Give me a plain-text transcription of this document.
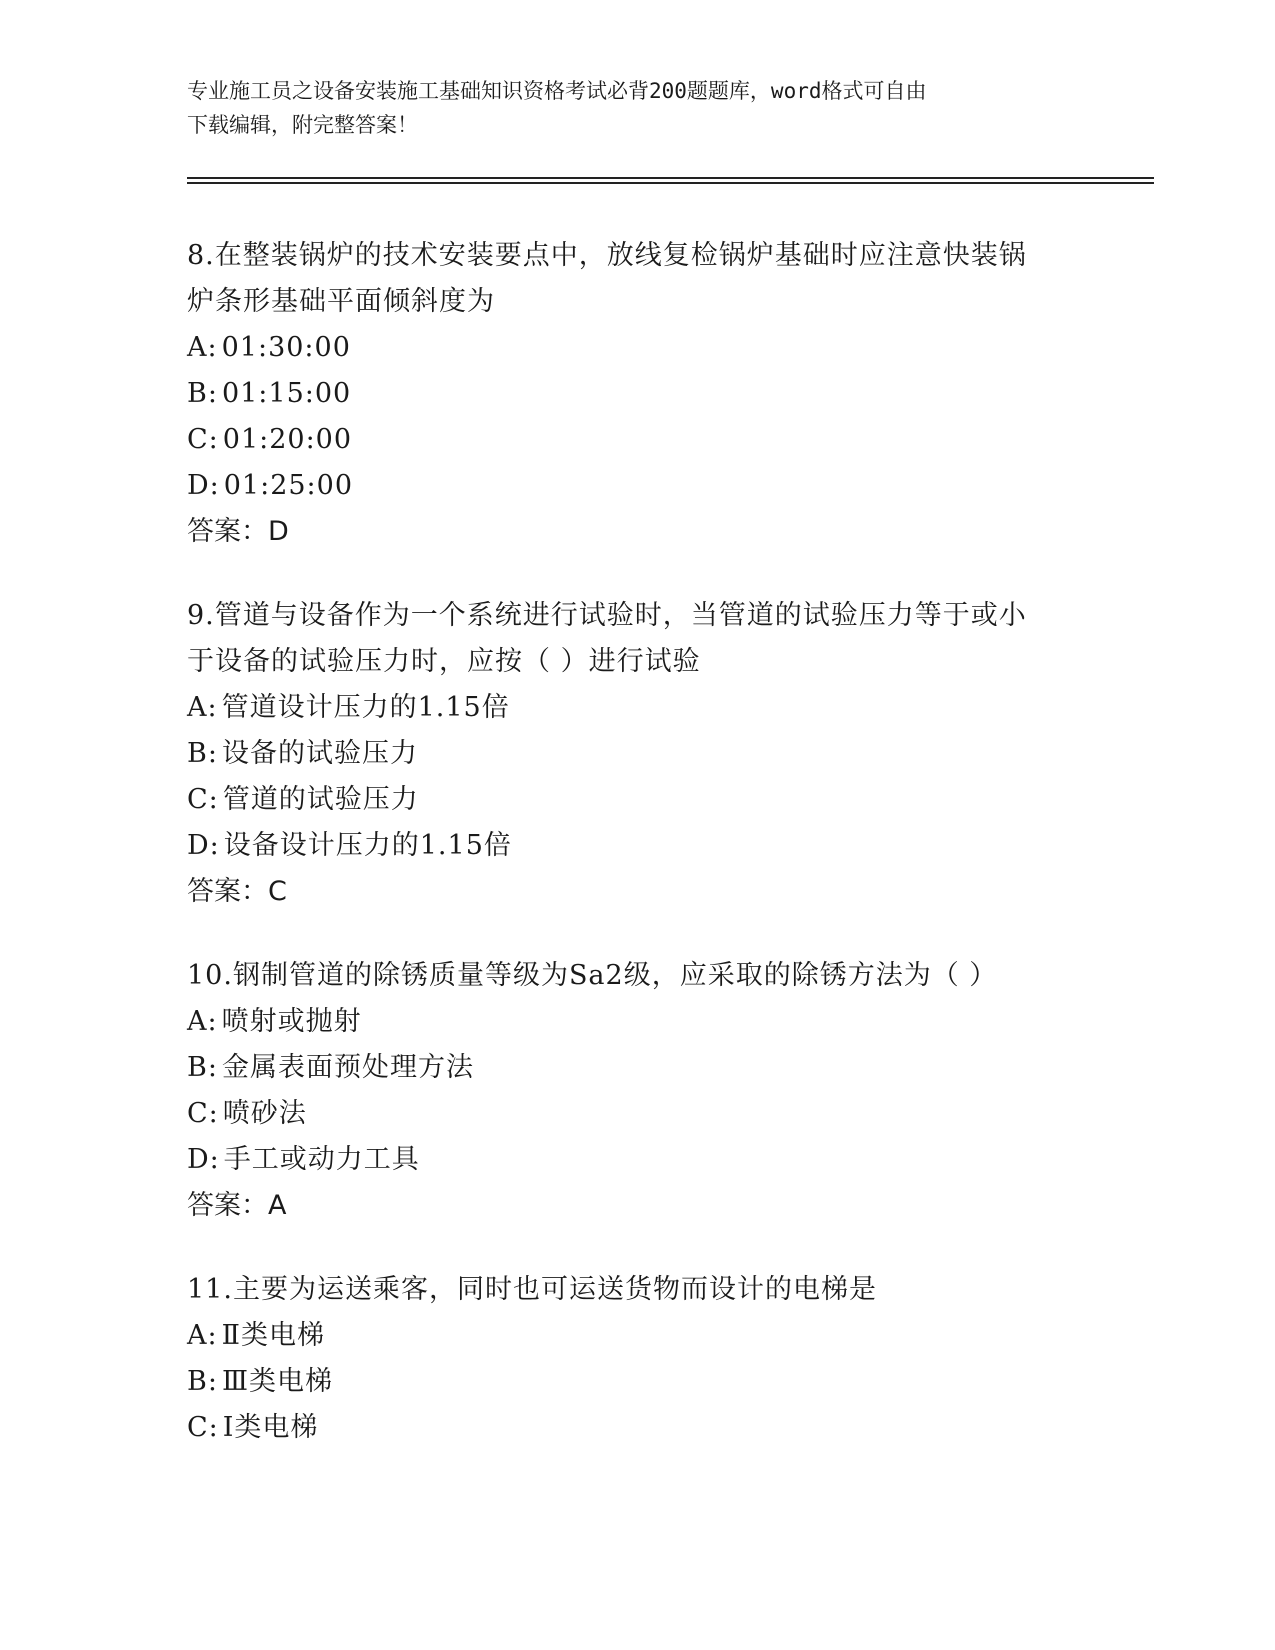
专业施工员之设备安装施工基础知识资格考试必背200题题库，word格式可自由
下载编辑，附完整答案！
8.在整装锅炉的技术安装要点中，放线复检锅炉基础时应注意快装锅
炉条形基础平面倾斜度为
A: 01:30:00
B: 01:15:00
C: 01:20:00
D: 01:25:00
答案：D
9.管道与设备作为一个系统进行试验时，当管道的试验压力等于或小
于设备的试验压力时，应按（ ）进行试验
A: 管道设计压力的1.15倍
B: 设备的试验压力
C: 管道的试验压力
D: 设备设计压力的1.15倍
答案：C
10.钢制管道的除锈质量等级为Sa2级，应采取的除锈方法为（ ）
A: 喷射或抛射
B: 金属表面预处理方法
C: 喷砂法
D: 手工或动力工具
答案：A
11.主要为运送乘客，同时也可运送货物而设计的电梯是
A: Ⅱ类电梯
B: Ⅲ类电梯
C: Ⅰ类电梯
